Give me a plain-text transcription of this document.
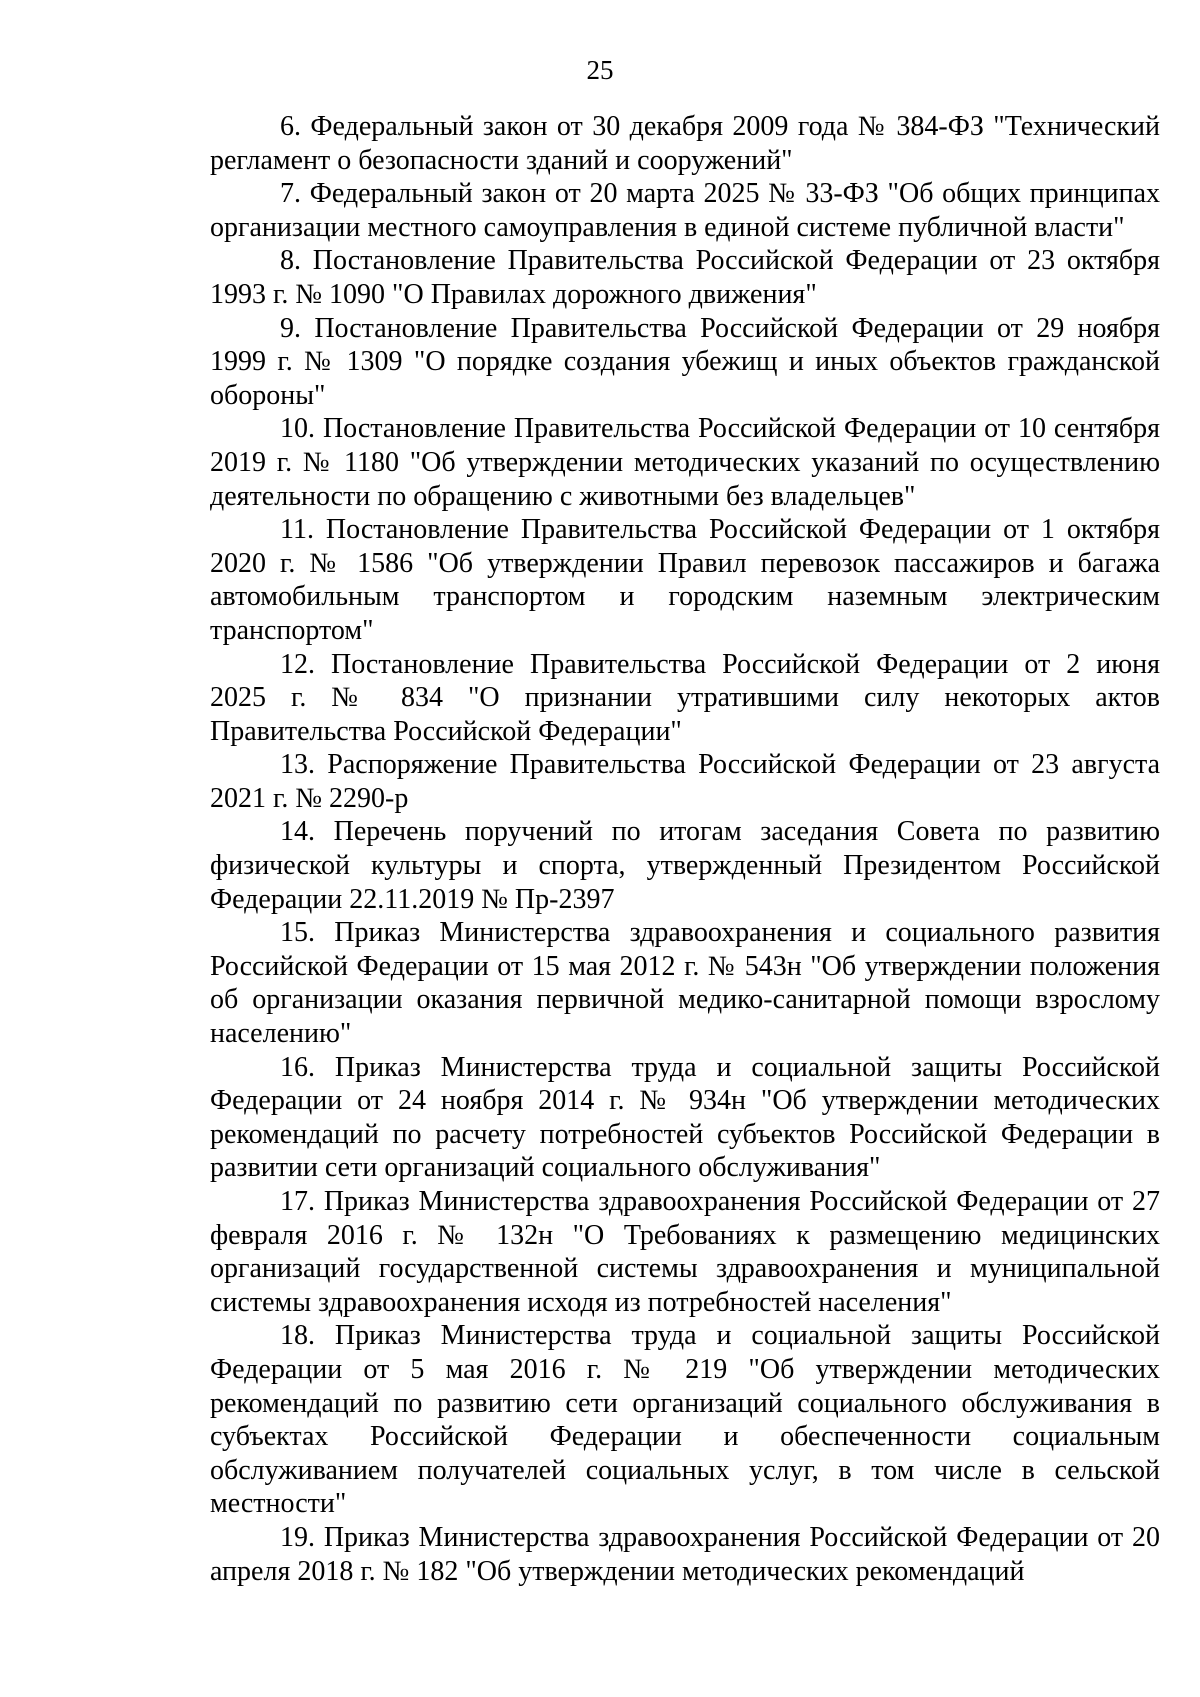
25

6. Федеральный закон от 30 декабря 2009 года № 384-ФЗ "Технический регламент о безопасности зданий и сооружений"

7. Федеральный закон от 20 марта 2025 № 33-ФЗ "Об общих принципах организации местного самоуправления в единой системе публичной власти"

8. Постановление Правительства Российской Федерации от 23 октября 1993 г. № 1090 "О Правилах дорожного движения"

9. Постановление Правительства Российской Федерации от 29 ноября 1999 г. № 1309 "О порядке создания убежищ и иных объектов гражданской обороны"

10. Постановление Правительства Российской Федерации от 10 сентября 2019 г. № 1180 "Об утверждении методических указаний по осуществлению деятельности по обращению с животными без владельцев"

11. Постановление Правительства Российской Федерации от 1 октября 2020 г. № 1586 "Об утверждении Правил перевозок пассажиров и багажа автомобильным транспортом и городским наземным электрическим транспортом"

12. Постановление Правительства Российской Федерации от 2 июня 2025 г. № 834 "О признании утратившими силу некоторых актов Правительства Российской Федерации"

13. Распоряжение Правительства Российской Федерации от 23 августа 2021 г. № 2290-р

14. Перечень поручений по итогам заседания Совета по развитию физической культуры и спорта, утвержденный Президентом Российской Федерации 22.11.2019 № Пр-2397

15. Приказ Министерства здравоохранения и социального развития Российской Федерации от 15 мая 2012 г. № 543н "Об утверждении положения об организации оказания первичной медико-санитарной помощи взрослому населению"

16. Приказ Министерства труда и социальной защиты Российской Федерации от 24 ноября 2014 г. № 934н "Об утверждении методических рекомендаций по расчету потребностей субъектов Российской Федерации в развитии сети организаций социального обслуживания"

17. Приказ Министерства здравоохранения Российской Федерации от 27 февраля 2016 г. № 132н "О Требованиях к размещению медицинских организаций государственной системы здравоохранения и муниципальной системы здравоохранения исходя из потребностей населения"

18. Приказ Министерства труда и социальной защиты Российской Федерации от 5 мая 2016 г. № 219 "Об утверждении методических рекомендаций по развитию сети организаций социального обслуживания в субъектах Российской Федерации и обеспеченности социальным обслуживанием получателей социальных услуг, в том числе в сельской местности"

19. Приказ Министерства здравоохранения Российской Федерации от 20 апреля 2018 г. № 182 "Об утверждении методических рекомендаций
